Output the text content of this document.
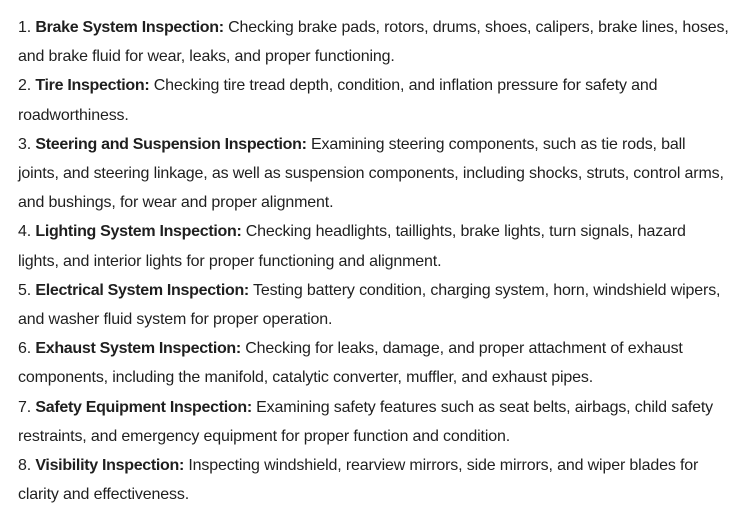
1. Brake System Inspection: Checking brake pads, rotors, drums, shoes, calipers, brake lines, hoses, and brake fluid for wear, leaks, and proper functioning.

2. Tire Inspection: Checking tire tread depth, condition, and inflation pressure for safety and roadworthiness.

3. Steering and Suspension Inspection: Examining steering components, such as tie rods, ball joints, and steering linkage, as well as suspension components, including shocks, struts, control arms, and bushings, for wear and proper alignment.

4. Lighting System Inspection: Checking headlights, taillights, brake lights, turn signals, hazard lights, and interior lights for proper functioning and alignment.

5. Electrical System Inspection: Testing battery condition, charging system, horn, windshield wipers, and washer fluid system for proper operation.

6. Exhaust System Inspection: Checking for leaks, damage, and proper attachment of exhaust components, including the manifold, catalytic converter, muffler, and exhaust pipes.

7. Safety Equipment Inspection: Examining safety features such as seat belts, airbags, child safety restraints, and emergency equipment for proper function and condition.

8. Visibility Inspection: Inspecting windshield, rearview mirrors, side mirrors, and wiper blades for clarity and effectiveness.
